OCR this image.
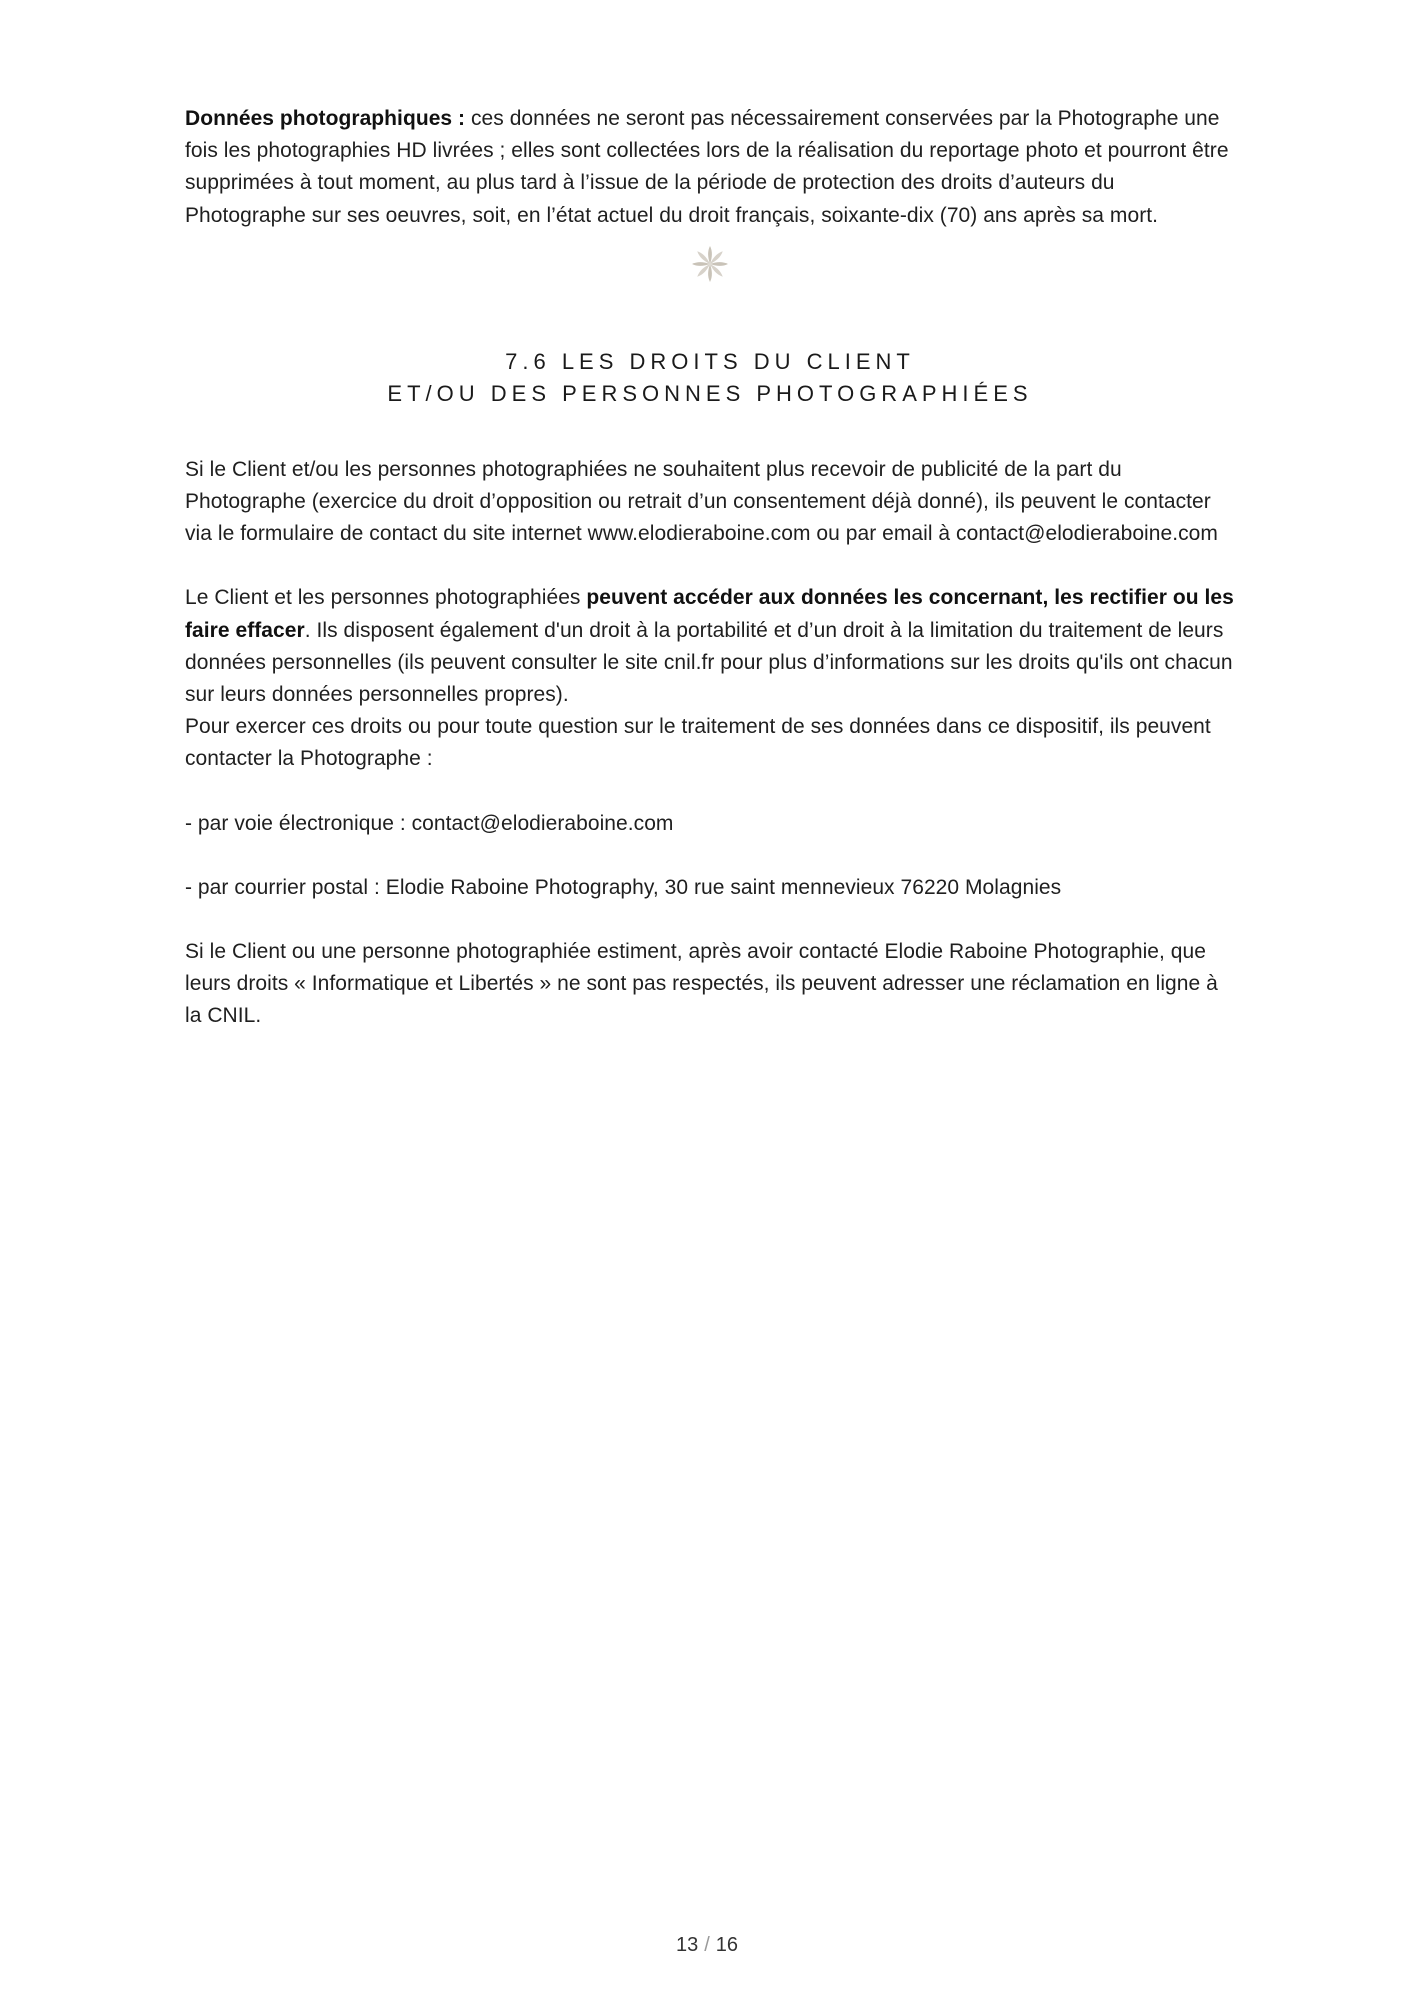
Données photographiques : ces données ne seront pas nécessairement conservées par la Photographe une fois les photographies HD livrées ; elles sont collectées lors de la réalisation du reportage photo et pourront être supprimées à tout moment, au plus tard à l’issue de la période de protection des droits d’auteurs du Photographe sur ses oeuvres, soit, en l’état actuel du droit français, soixante-dix (70) ans après sa mort.

7.6 LES DROITS DU CLIENT
ET/OU DES PERSONNES PHOTOGRAPHIÉES

Si le Client et/ou les personnes photographiées ne souhaitent plus recevoir de publicité de la part du Photographe (exercice du droit d’opposition ou retrait d’un consentement déjà donné), ils peuvent le contacter via le formulaire de contact du site internet www.elodieraboine.com ou par email à contact@elodieraboine.com

Le Client et les personnes photographiées peuvent accéder aux données les concernant, les rectifier ou les faire effacer. Ils disposent également d'un droit à la portabilité et d’un droit à la limitation du traitement de leurs données personnelles (ils peuvent consulter le site cnil.fr pour plus d’informations sur les droits qu'ils ont chacun sur leurs données personnelles propres).

Pour exercer ces droits ou pour toute question sur le traitement de ses données dans ce dispositif, ils peuvent contacter la Photographe :

- par voie électronique : contact@elodieraboine.com

- par courrier postal : Elodie Raboine Photography, 30 rue saint mennevieux 76220 Molagnies

Si le Client ou une personne photographiée estiment, après avoir contacté Elodie Raboine Photographie, que leurs droits « Informatique et Libertés » ne sont pas respectés, ils peuvent adresser une réclamation en ligne à la CNIL.

13 / 16
